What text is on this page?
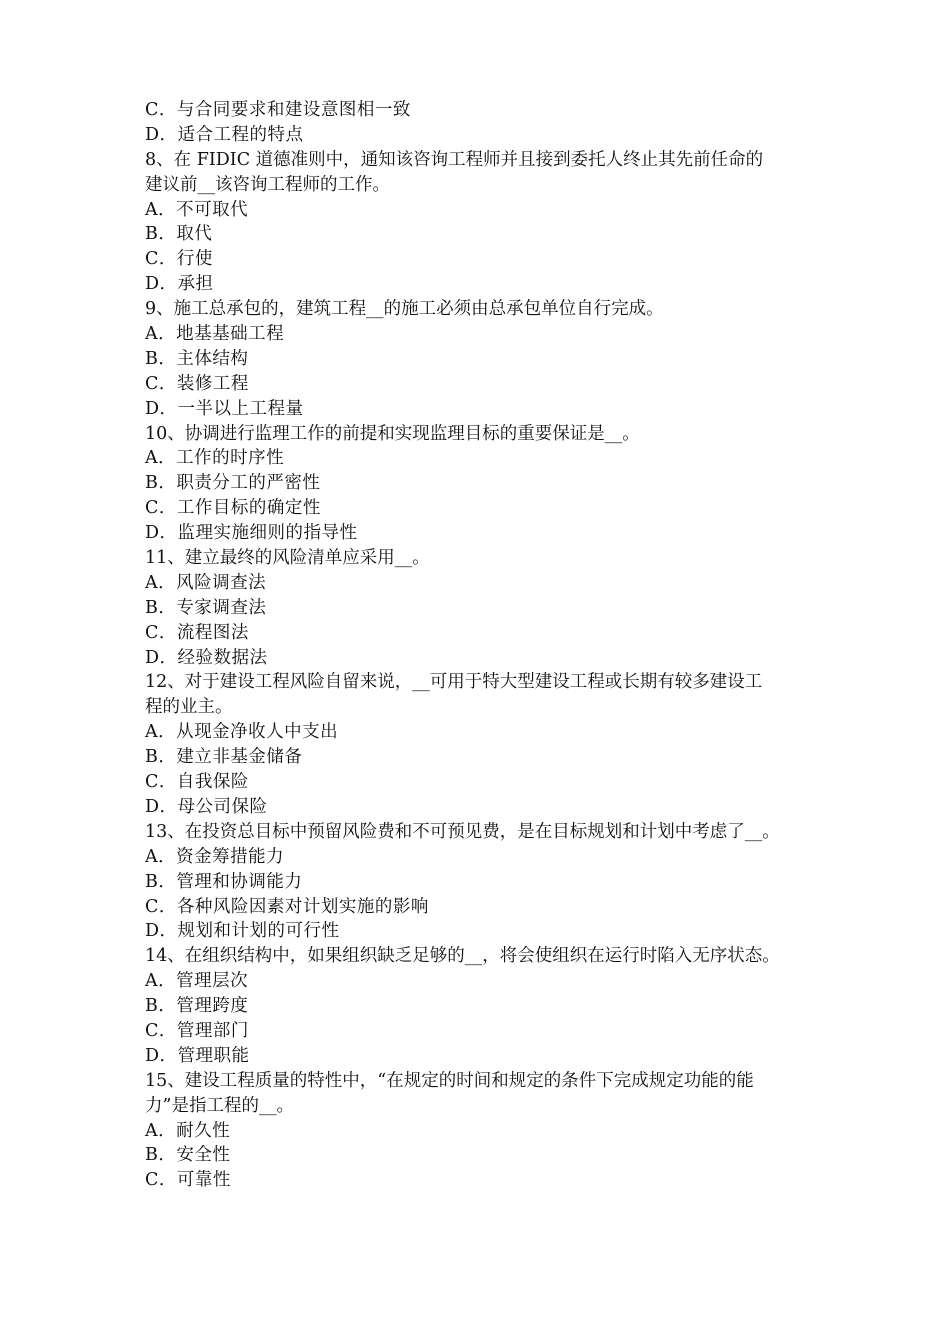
C．与合同要求和建设意图相一致
D．适合工程的特点
8、在 FIDIC 道德准则中，通知该咨询工程师并且接到委托人终止其先前任命的
建议前__该咨询工程师的工作。
A．不可取代
B．取代
C．行使
D．承担
9、施工总承包的，建筑工程__的施工必须由总承包单位自行完成。
A．地基基础工程
B．主体结构
C．装修工程
D．一半以上工程量
10、协调进行监理工作的前提和实现监理目标的重要保证是__。
A．工作的时序性
B．职责分工的严密性
C．工作目标的确定性
D．监理实施细则的指导性
11、建立最终的风险清单应采用__。
A．风险调查法
B．专家调查法
C．流程图法
D．经验数据法
12、对于建设工程风险自留来说，__可用于特大型建设工程或长期有较多建设工
程的业主。
A．从现金净收人中支出
B．建立非基金储备
C．自我保险
D．母公司保险
13、在投资总目标中预留风险费和不可预见费，是在目标规划和计划中考虑了__。
A．资金筹措能力
B．管理和协调能力
C．各种风险因素对计划实施的影响
D．规划和计划的可行性
14、在组织结构中，如果组织缺乏足够的__，将会使组织在运行时陷入无序状态。
A．管理层次
B．管理跨度
C．管理部门
D．管理职能
15、建设工程质量的特性中，“在规定的时间和规定的条件下完成规定功能的能
力”是指工程的__。
A．耐久性
B．安全性
C．可靠性
